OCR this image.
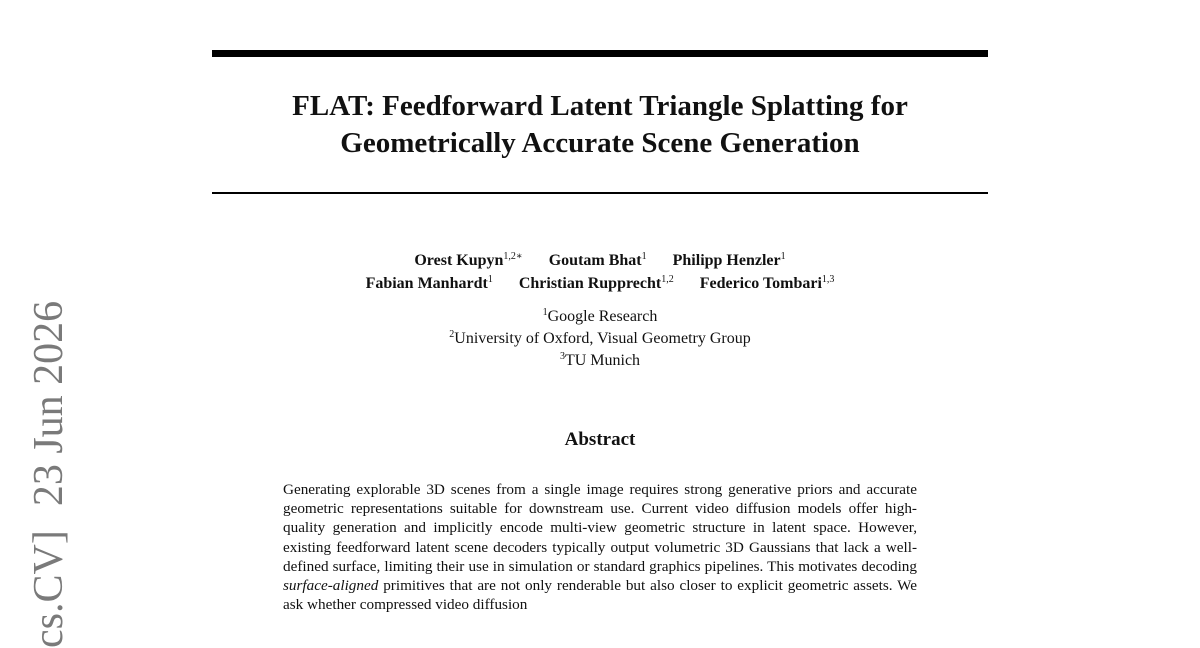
FLAT: Feedforward Latent Triangle Splatting for
Geometrically Accurate Scene Generation
Orest Kupyn$^{1,2∗}$ Goutam Bhat$^1$ Philipp Henzler$^1$
Fabian Manhardt$^1$ Christian Rupprecht$^{1,2}$ Federico Tombari$^{1,3}$
$^1$Google Research
$^2$University of Oxford, Visual Geometry Group
$^3$TU Munich
Abstract

Generating explorable 3D scenes from a single image requires strong generative priors and accurate geometric representations suitable for downstream use. Current video diffusion models offer high-quality generation and implicitly encode multi-view geometric structure in latent space. However, existing feedforward latent scene decoders typically output volumetric 3D Gaussians that lack a well-defined surface, limiting their use in simulation or standard graphics pipelines. This motivates decoding surface-aligned primitives that are not only renderable but also closer to explicit geometric assets. We ask whether compressed video diffusion

cs.CV]23 Jun 2026
